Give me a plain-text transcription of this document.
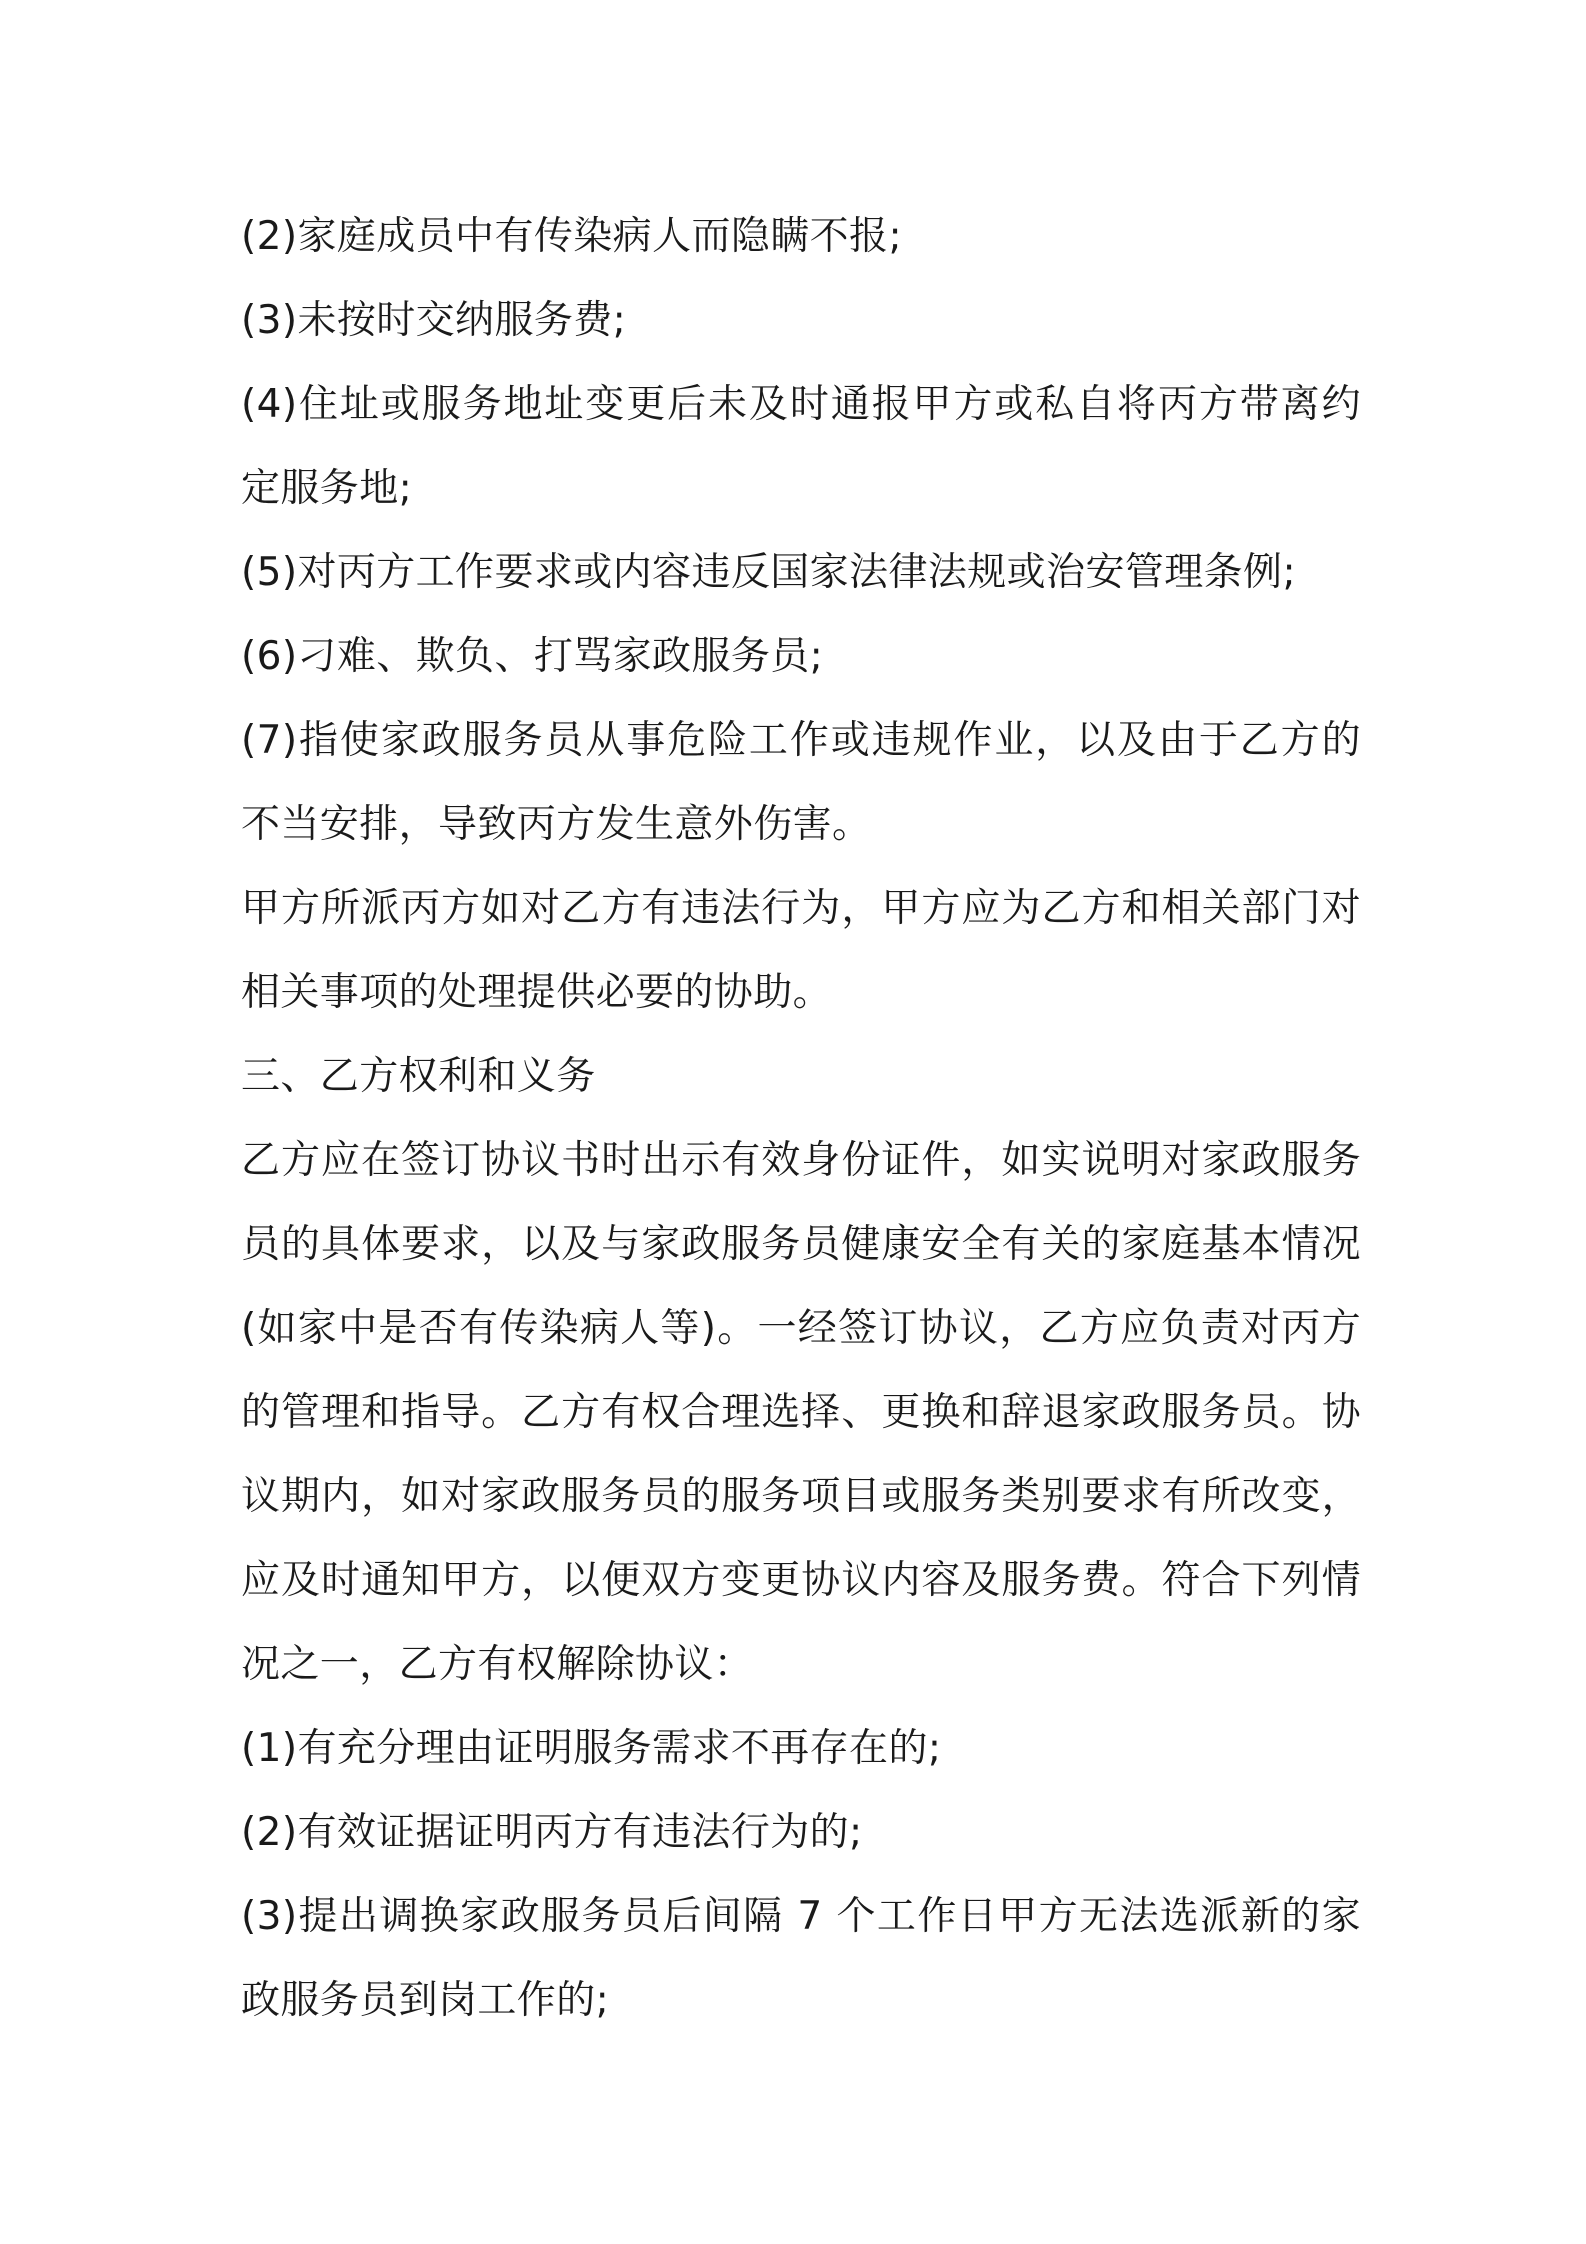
(2)家庭成员中有传染病人而隐瞒不报;

(3)未按时交纳服务费;

(4)住址或服务地址变更后未及时通报甲方或私自将丙方带离约定服务地;

(5)对丙方工作要求或内容违反国家法律法规或治安管理条例;

(6)刁难、欺负、打骂家政服务员;

(7)指使家政服务员从事危险工作或违规作业，以及由于乙方的不当安排，导致丙方发生意外伤害。

甲方所派丙方如对乙方有违法行为，甲方应为乙方和相关部门对相关事项的处理提供必要的协助。

三、乙方权利和义务

乙方应在签订协议书时出示有效身份证件，如实说明对家政服务员的具体要求，以及与家政服务员健康安全有关的家庭基本情况(如家中是否有传染病人等)。一经签订协议，乙方应负责对丙方的管理和指导。乙方有权合理选择、更换和辞退家政服务员。协议期内，如对家政服务员的服务项目或服务类别要求有所改变，应及时通知甲方，以便双方变更协议内容及服务费。符合下列情况之一，乙方有权解除协议：

(1)有充分理由证明服务需求不再存在的;

(2)有效证据证明丙方有违法行为的;

(3)提出调换家政服务员后间隔 7 个工作日甲方无法选派新的家政服务员到岗工作的;
